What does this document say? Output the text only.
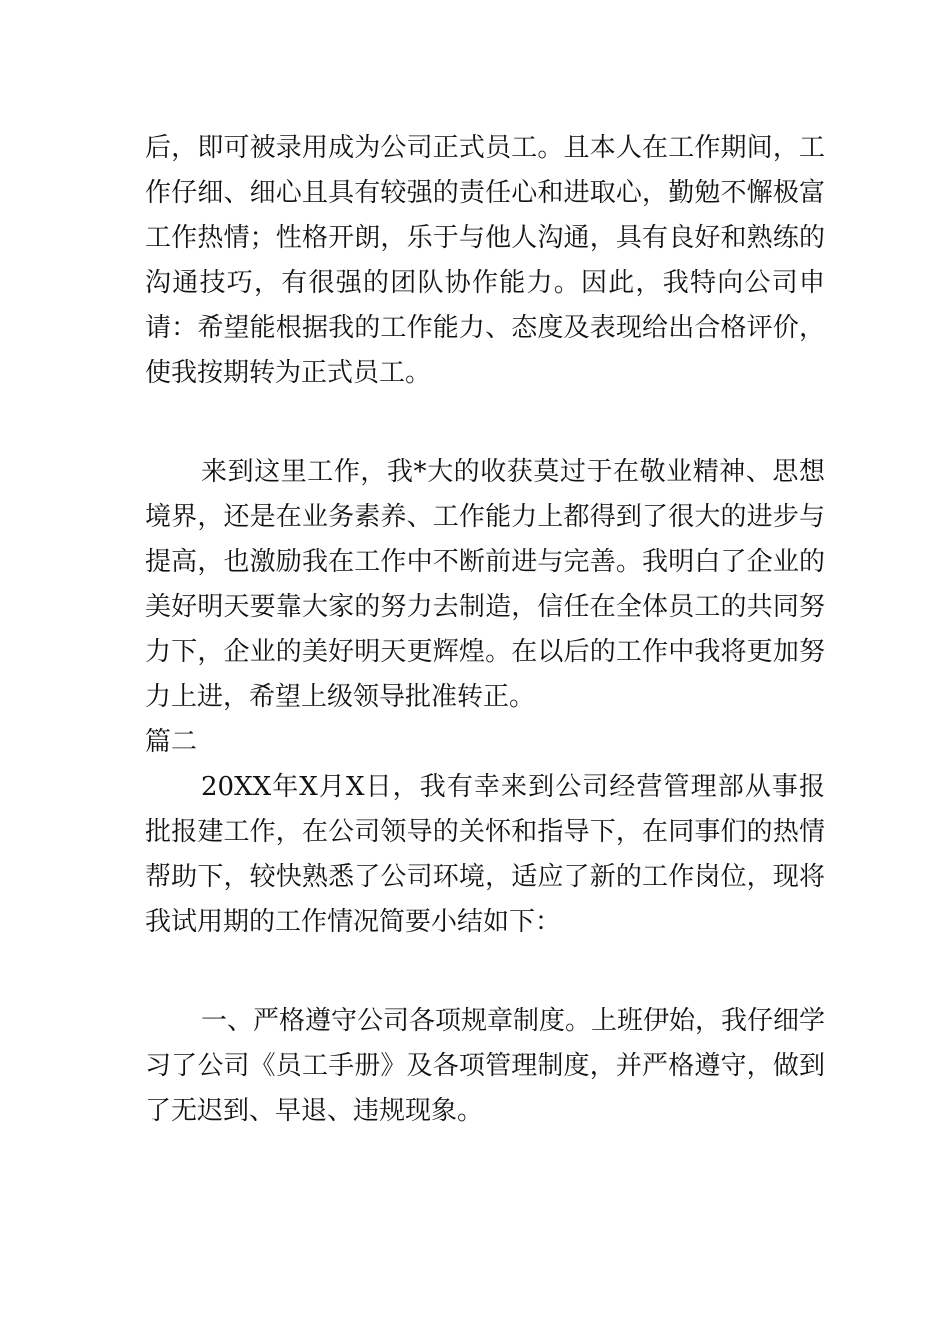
后，即可被录用成为公司正式员工。且本人在工作期间，工作仔细、细心且具有较强的责任心和进取心，勤勉不懈极富工作热情；性格开朗，乐于与他人沟通，具有良好和熟练的沟通技巧，有很强的团队协作能力。因此，我特向公司申请：希望能根据我的工作能力、态度及表现给出合格评价，使我按期转为正式员工。

来到这里工作，我*大的收获莫过于在敬业精神、思想境界，还是在业务素养、工作能力上都得到了很大的进步与提高，也激励我在工作中不断前进与完善。我明白了企业的美好明天要靠大家的努力去制造，信任在全体员工的共同努力下，企业的美好明天更辉煌。在以后的工作中我将更加努力上进，希望上级领导批准转正。

篇二

20XX年X月X日，我有幸来到公司经营管理部从事报批报建工作，在公司领导的关怀和指导下，在同事们的热情帮助下，较快熟悉了公司环境，适应了新的工作岗位，现将我试用期的工作情况简要小结如下：

一、严格遵守公司各项规章制度。上班伊始，我仔细学习了公司《员工手册》及各项管理制度，并严格遵守，做到了无迟到、早退、违规现象。
